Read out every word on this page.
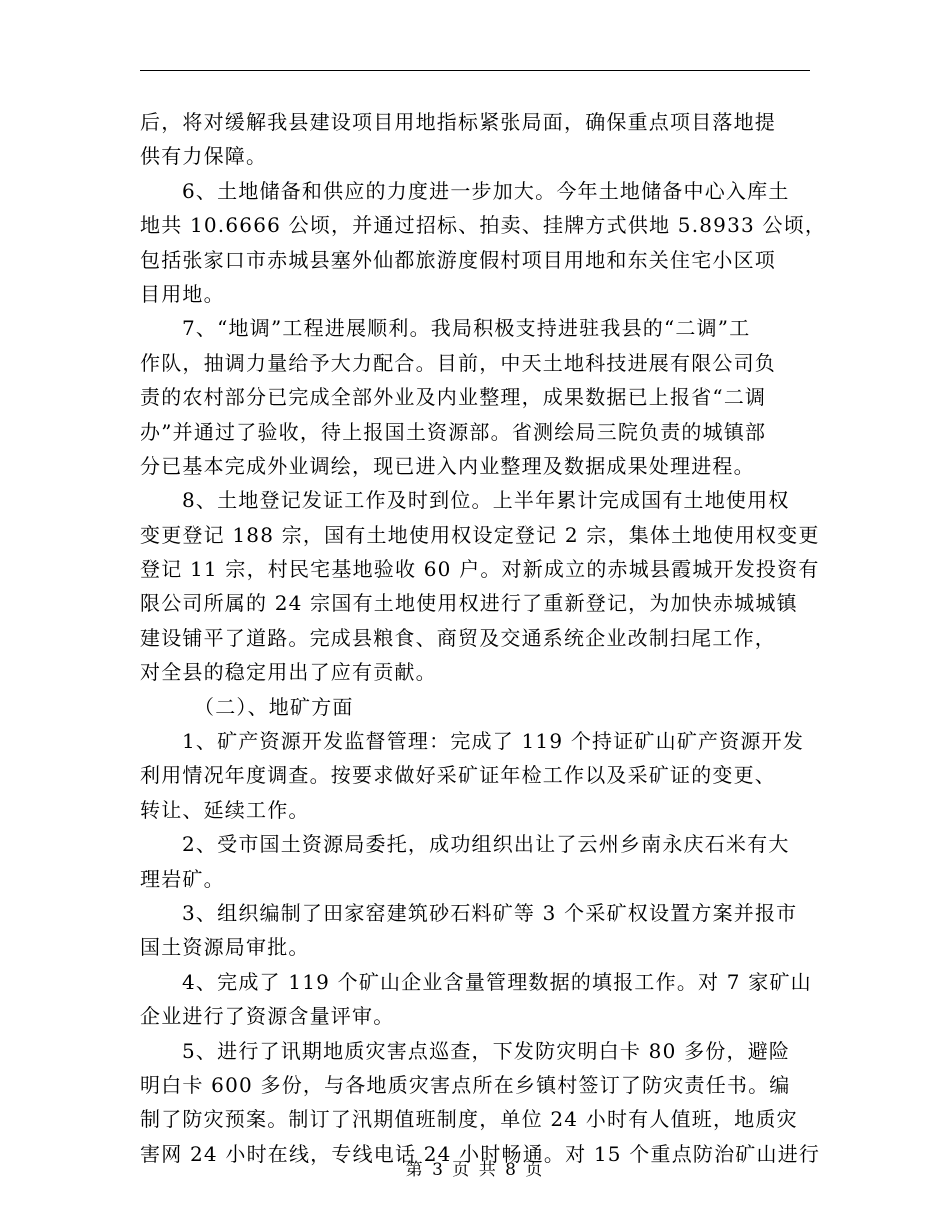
后，将对缓解我县建设项目用地指标紧张局面，确保重点项目落地提
供有力保障。
6、土地储备和供应的力度进一步加大。今年土地储备中心入库土
地共 10.6666 公顷，并通过招标、拍卖、挂牌方式供地 5.8933 公顷，
包括张家口市赤城县塞外仙都旅游度假村项目用地和东关住宅小区项
目用地。
7、“地调”工程进展顺利。我局积极支持进驻我县的“二调”工
作队，抽调力量给予大力配合。目前，中天土地科技进展有限公司负
责的农村部分已完成全部外业及内业整理，成果数据已上报省“二调
办”并通过了验收，待上报国土资源部。省测绘局三院负责的城镇部
分已基本完成外业调绘，现已进入内业整理及数据成果处理进程。
8、土地登记发证工作及时到位。上半年累计完成国有土地使用权
变更登记 188 宗，国有土地使用权设定登记 2 宗，集体土地使用权变更
登记 11 宗，村民宅基地验收 60 户。对新成立的赤城县霞城开发投资有
限公司所属的 24 宗国有土地使用权进行了重新登记，为加快赤城城镇
建设铺平了道路。完成县粮食、商贸及交通系统企业改制扫尾工作，
对全县的稳定用出了应有贡献。
（二）、地矿方面
1、矿产资源开发监督管理：完成了 119 个持证矿山矿产资源开发
利用情况年度调查。按要求做好采矿证年检工作以及采矿证的变更、
转让、延续工作。
2、受市国土资源局委托，成功组织出让了云州乡南永庆石米有大
理岩矿。
3、组织编制了田家窑建筑砂石料矿等 3 个采矿权设置方案并报市
国土资源局审批。
4、完成了 119 个矿山企业含量管理数据的填报工作。对 7 家矿山
企业进行了资源含量评审。
5、进行了讯期地质灾害点巡查，下发防灾明白卡 80 多份，避险
明白卡 600 多份，与各地质灾害点所在乡镇村签订了防灾责任书。编
制了防灾预案。制订了汛期值班制度，单位 24 小时有人值班，地质灾
害网 24 小时在线，专线电话 24 小时畅通。对 15 个重点防治矿山进行
第 3 页 共 8 页
